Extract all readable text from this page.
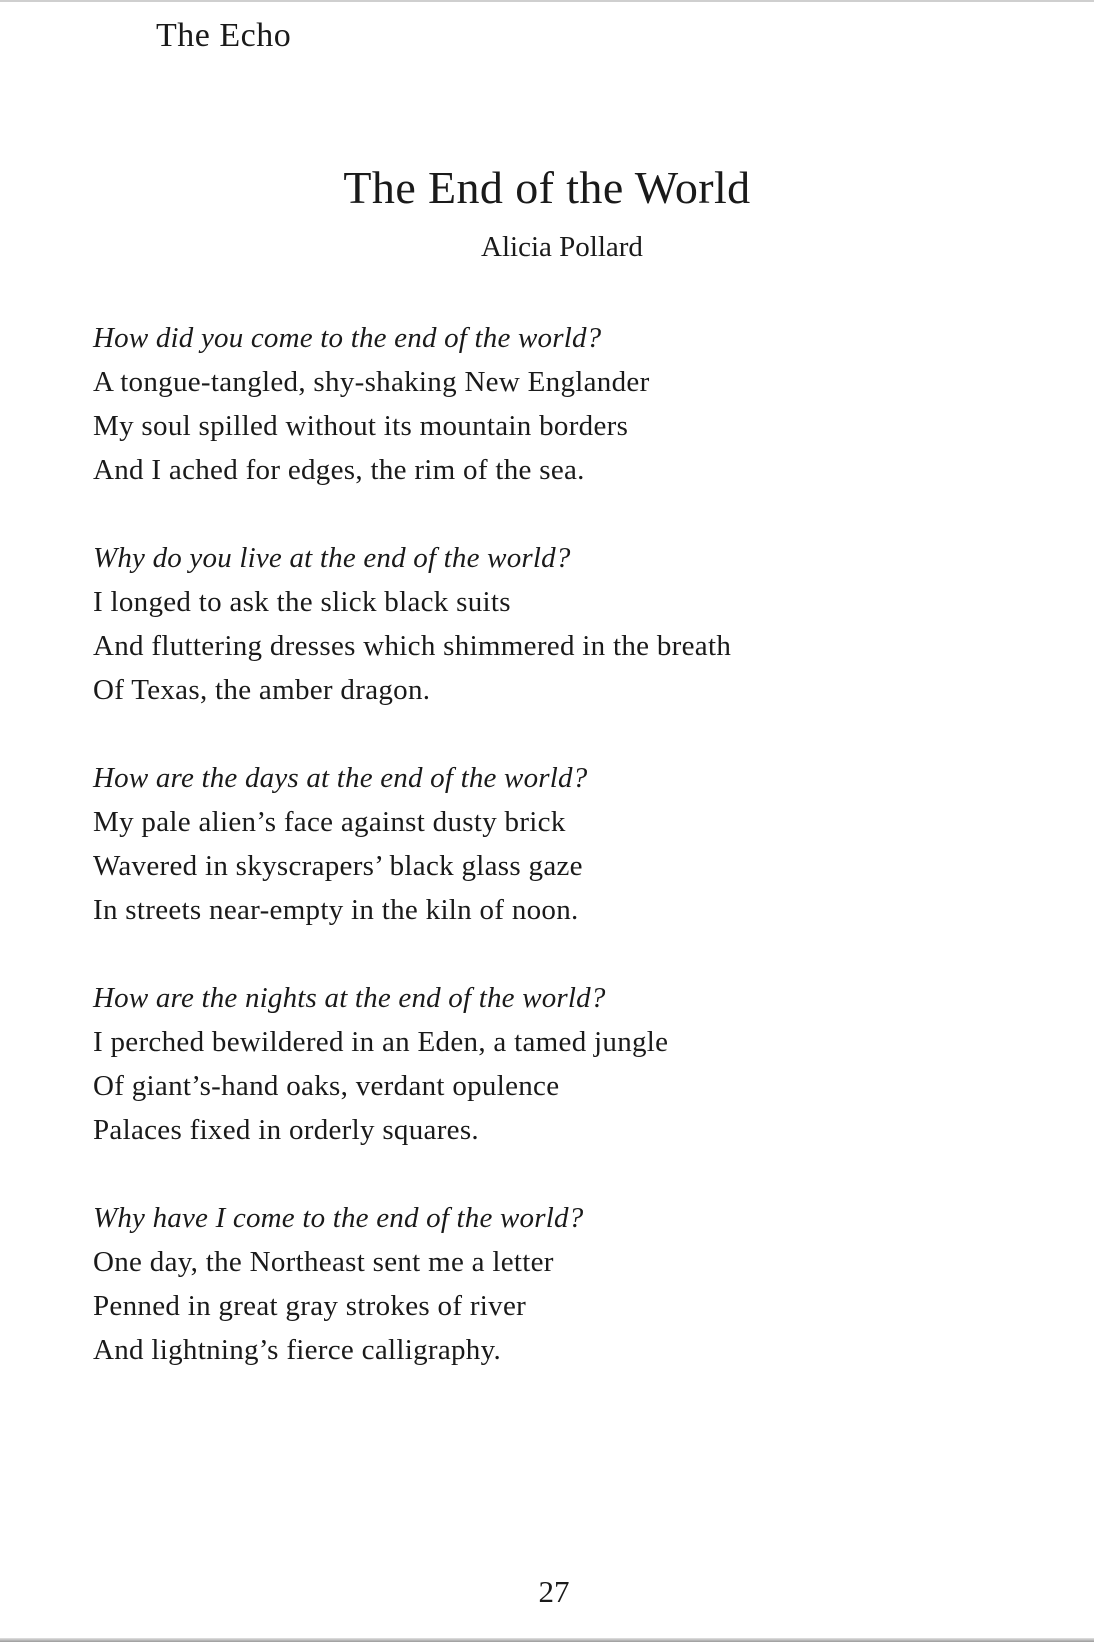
The Echo
The End of the World
Alicia Pollard
How did you come to the end of the world?
A tongue-tangled, shy-shaking New Englander
My soul spilled without its mountain borders
And I ached for edges, the rim of the sea.
Why do you live at the end of the world?
I longed to ask the slick black suits
And fluttering dresses which shimmered in the breath
Of Texas, the amber dragon.
How are the days at the end of the world?
My pale alien’s face against dusty brick
Wavered in skyscrapers’ black glass gaze
In streets near-empty in the kiln of noon.
How are the nights at the end of the world?
I perched bewildered in an Eden, a tamed jungle
Of giant’s-hand oaks, verdant opulence
Palaces fixed in orderly squares.
Why have I come to the end of the world?
One day, the Northeast sent me a letter
Penned in great gray strokes of river
And lightning’s fierce calligraphy.
27
